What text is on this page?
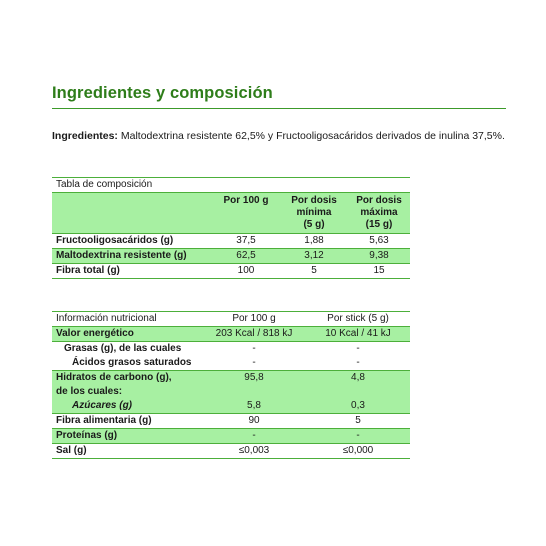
Ingredientes y composición
Ingredientes: Maltodextrina resistente 62,5% y Fructooligosacáridos derivados de inulina 37,5%.
Tabla de composición			
	Por 100 g	Por dosis
mínima
(5 g)	Por dosis
máxima
(15 g)
Fructooligosacáridos (g)	37,5	1,88	5,63
Maltodextrina resistente (g)	62,5	3,12	9,38
Fibra total (g)	100	5	15
Información nutricional	Por 100 g	Por stick (5 g)
Valor energético	203 Kcal / 818 kJ	10 Kcal / 41 kJ
Grasas (g), de las cuales	-	-
Ácidos grasos saturados	-	-
Hidratos de carbono (g),	95,8	4,8
de los cuales:		
Azúcares (g)	5,8	0,3
Fibra alimentaria (g)	90	5
Proteínas (g)	-	-
Sal (g)	≤0,003	≤0,000
